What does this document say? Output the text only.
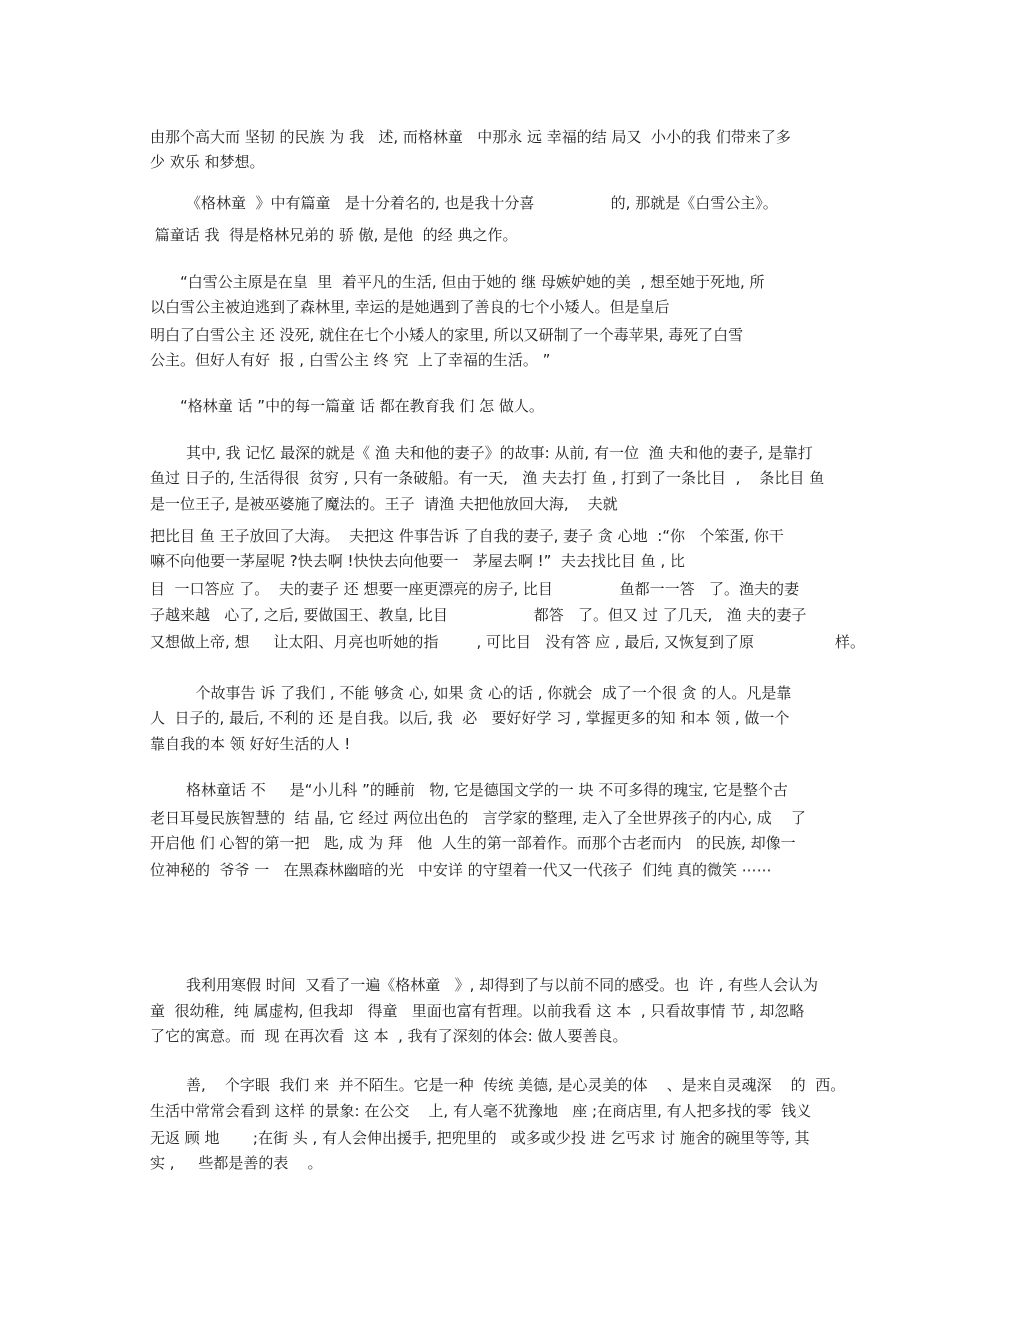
由那个高大而 坚韧 的民族 为 我   述, 而格林童   中那永 远 幸福的结 局又  小小的我 们带来了多
少 欢乐 和梦想。
《格林童  》中有篇童   是十分着名的, 也是我十分喜                的, 那就是《白雪公主》。
篇童话 我  得是格林兄弟的 骄 傲, 是他  的经 典之作。
“白雪公主原是在皇  里  着平凡的生活, 但由于她的 继 母嫉妒她的美  , 想至她于死地, 所
以白雪公主被迫逃到了森林里, 幸运的是她遇到了善良的七个小矮人。但是皇后
明白了白雪公主 还 没死, 就住在七个小矮人的家里, 所以又研制了一个毒苹果, 毒死了白雪
公主。但好人有好  报 , 白雪公主 终 究  上了幸福的生活。 ”
“格林童 话 ”中的每一篇童 话 都在教育我 们 怎 做人。
其中, 我 记忆 最深的就是《 渔 夫和他的妻子》的故事: 从前, 有一位  渔 夫和他的妻子, 是靠打
鱼过 日子的, 生活得很  贫穷 , 只有一条破船。有一天,   渔 夫去打 鱼 , 打到了一条比目  ,    条比目 鱼
是一位王子, 是被巫婆施了魔法的。王子  请渔 夫把他放回大海,    夫就
把比目 鱼 王子放回了大海。  夫把这 件事告诉 了自我的妻子, 妻子 贪 心地  :“你   个笨蛋, 你干
嘛不向他要一茅屋呢 ?快去啊 !快快去向他要一   茅屋去啊 !”  夫去找比目 鱼 , 比
目  一口答应 了。  夫的妻子 还 想要一座更漂亮的房子, 比目              鱼都一一答   了。渔夫的妻
子越来越   心了, 之后, 要做国王、教皇, 比目                  都答   了。但又 过 了几天,   渔 夫的妻子
又想做上帝, 想     让太阳、月亮也听她的指        , 可比目   没有答 应 , 最后, 又恢复到了原                 样。
个故事告 诉 了我们 , 不能 够贪 心, 如果 贪 心的话 , 你就会  成了一个很 贪 的人。凡是靠
人  日子的, 最后, 不利的 还 是自我。以后, 我  必   要好好学 习 , 掌握更多的知 和本 领 , 做一个
靠自我的本 领 好好生活的人 !
格林童话 不     是“小儿科 ”的睡前   物, 它是德国文学的一 块 不可多得的瑰宝, 它是整个古
老日耳曼民族智慧的  结 晶, 它 经过 两位出色的   言学家的整理, 走入了全世界孩子的内心, 成    了
开启他 们 心智的第一把   匙, 成 为 拜   他  人生的第一部着作。而那个古老而内   的民族, 却像一
位神秘的  爷爷 一   在黑森林幽暗的光   中安详 的守望着一代又一代孩子  们纯 真的微笑 ⋯⋯
我利用寒假 时间  又看了一遍《格林童   》, 却得到了与以前不同的感受。也  许 , 有些人会认为
童  很幼稚,  纯 属虚构, 但我却   得童   里面也富有哲理。以前我看 这 本  , 只看故事情 节 , 却忽略
了它的寓意。而  现 在再次看  这 本  , 我有了深刻的体会: 做人要善良。
善,    个字眼  我们 来  并不陌生。它是一种  传统 美德, 是心灵美的体    、是来自灵魂深    的  西。
生活中常常会看到 这样 的景象: 在公交    上, 有人毫不犹豫地   座 ;在商店里, 有人把多找的零  钱义
无返 顾 地       ;在街 头 , 有人会伸出援手, 把兜里的   或多或少投 进 乞丐求 讨 施舍的碗里等等, 其
实 ,     些都是善的表    。
